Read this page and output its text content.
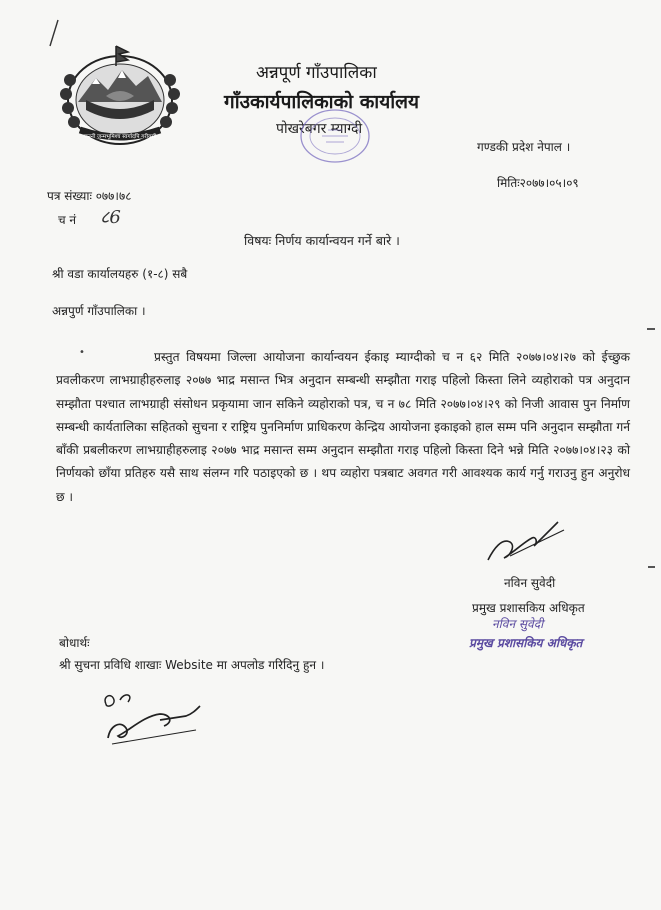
जननी जन्मभूमिश्च स्वर्गादपि गरीयसी
अन्नपूर्ण गाँउपालिका
गाँउकार्यपालिकाको कार्यालय
पोखरेबगर म्याग्दी
गण्डकी प्रदेश नेपाल ।
मितिः२०७७।०५।०९
पत्र संख्याः ०७७।७८
च नं ८6
विषयः निर्णय कार्यान्वयन गर्ने बारे ।
श्री वडा कार्यालयहरु (१-८) सबै
अन्नपुर्ण गाँउपालिका ।
•	प्रस्तुत विषयमा जिल्ला आयोजना कार्यान्वयन ईकाइ म्याग्दीको च न ६२ मिति २०७७।०४।२७ को ईच्छुक प्रवलीकरण लाभग्राहीहरुलाइ २०७७ भाद्र मसान्त भित्र अनुदान सम्बन्धी सम्झौता गराइ पहिलो किस्ता लिने व्यहोराको पत्र अनुदान सम्झौता पश्चात लाभग्राही संसोधन प्रकृयामा जान सकिने व्यहोराको पत्र, च न ७८ मिति २०७७।०४।२९ को निजी आवास पुन निर्माण सम्बन्धी कार्यतालिका सहितको सुचना र राष्ट्रिय पुननिर्माण प्राधिकरण केन्द्रिय आयोजना इकाइको हाल सम्म पनि अनुदान सम्झौता गर्न बाँकी प्रबलीकरण लाभग्राहीहरुलाइ २०७७ भाद्र मसान्त सम्म अनुदान सम्झौता गराइ पहिलो किस्ता दिने भन्ने मिति २०७७।०४।२३ को निर्णयको छाँया प्रतिहरु यसै साथ संलग्न गरि पठाइएको छ । थप व्यहोरा पत्रबाट अवगत गरी आवश्यक कार्य गर्नु गराउनु हुन अनुरोध छ ।
नविन सुवेदी
प्रमुख प्रशासकिय अधिकृत
नविन सुवेदी
प्रमुख प्रशासकिय अधिकृत
बोधार्थः
श्री सुचना प्रविधि शाखाः Website मा अपलोड गरिदिनु हुन ।
